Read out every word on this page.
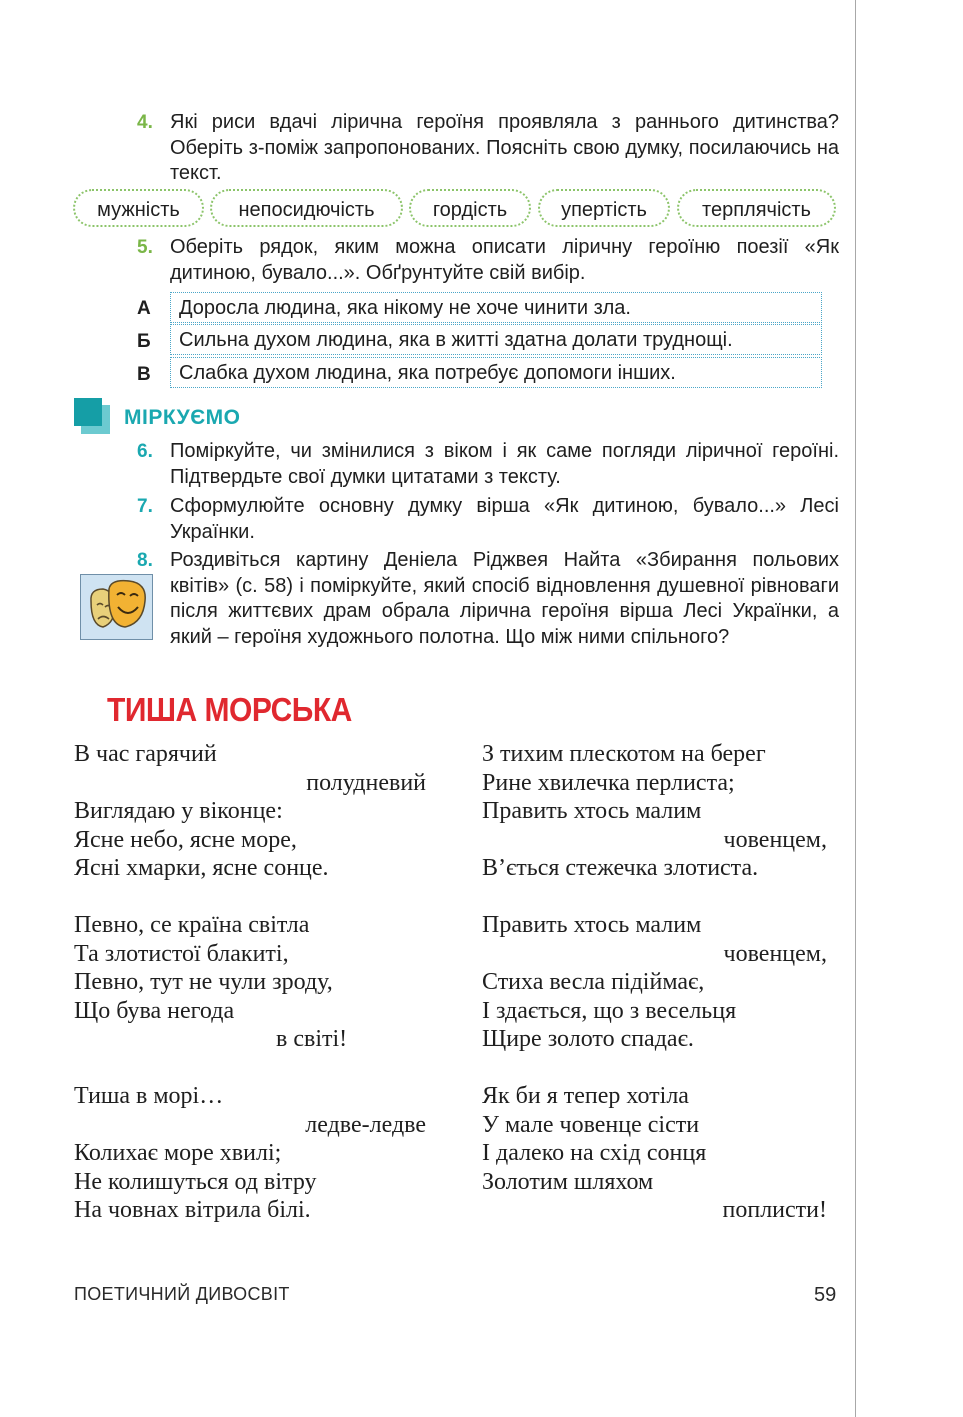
4. Які риси вдачі лірична героїня проявляла з раннього дитинства? Оберіть з-поміж запропонованих. Поясніть свою думку, посилаючись на текст.
мужність	непосидючість	гордість	упертість	терплячість
5. Оберіть рядок, яким можна описати ліричну героїню поезії «Як дитиною, бувало...». Обґрунтуйте свій вибір.
А	Доросла людина, яка нікому не хоче чинити зла.
Б	Сильна духом людина, яка в житті здатна долати труднощі.
В	Слабка духом людина, яка потребує допомоги інших.
МІРКУЄМО
6. Поміркуйте, чи змінилися з віком і як саме погляди ліричної героїні. Підтвердьте свої думки цитатами з тексту.
7. Сформулюйте основну думку вірша «Як дитиною, бувало...» Лесі Українки.
8. Роздивіться картину Деніела Ріджвея Найта «Збирання польових квітів» (с. 58) і поміркуйте, який спосіб відновлення душевної рівноваги після життєвих драм обрала лірична героїня вірша Лесі Українки, а який – героїня художнього полотна. Що між ними спільного?
ТИША МОРСЬКА
В час гарячий
полудневий
Виглядаю у віконце:
Ясне небо, ясне море,
Ясні хмарки, ясне сонце.
Певно, се країна світла
Та злотистої блакиті,
Певно, тут не чули зроду,
Що бува негода
в світі!
Тиша в морі…
ледве-ледве
Колихає море хвилі;
Не колишуться од вітру
На човнах вітрила білі.
З тихим плескотом на берег
Рине хвилечка перлиста;
Править хтось малим
човенцем,
В’ється стежечка злотиста.
Править хтось малим
човенцем,
Стиха весла підіймає,
І здається, що з весельця
Щире золото спадає.
Як би я тепер хотіла
У мале човенце сісти
І далеко на схід сонця
Золотим шляхом
поплисти!
ПОЕТИЧНИЙ ДИВОСВІТ	59
